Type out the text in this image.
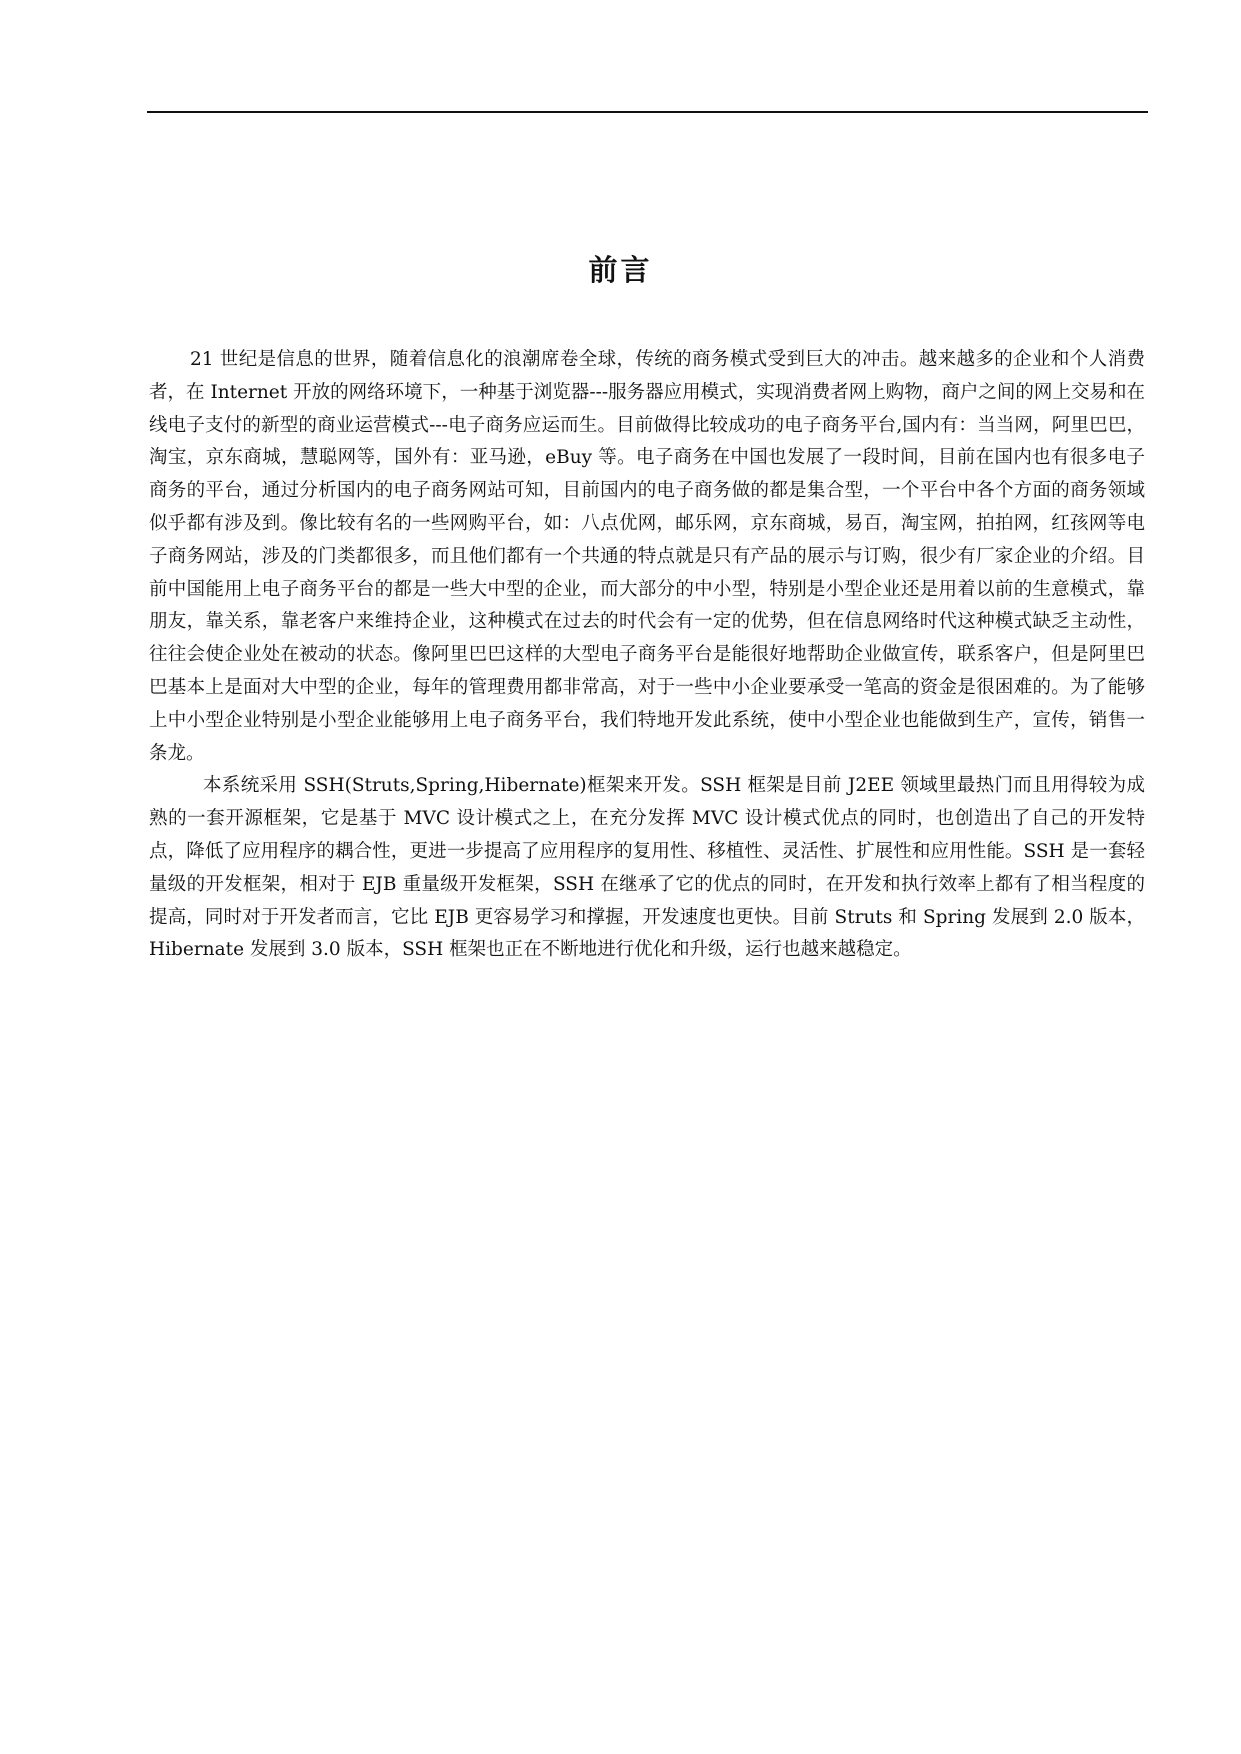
前言

21 世纪是信息的世界，随着信息化的浪潮席卷全球，传统的商务模式受到巨大的冲击。越来越多的企业和个人消费者，在 Internet 开放的网络环境下，一种基于浏览器---服务器应用模式，实现消费者网上购物，商户之间的网上交易和在线电子支付的新型的商业运营模式---电子商务应运而生。目前做得比较成功的电子商务平台,国内有：当当网，阿里巴巴，淘宝，京东商城，慧聪网等，国外有：亚马逊，eBuy 等。电子商务在中国也发展了一段时间，目前在国内也有很多电子商务的平台，通过分析国内的电子商务网站可知，目前国内的电子商务做的都是集合型，一个平台中各个方面的商务领域似乎都有涉及到。像比较有名的一些网购平台，如：八点优网，邮乐网，京东商城，易百，淘宝网，拍拍网，红孩网等电子商务网站，涉及的门类都很多，而且他们都有一个共通的特点就是只有产品的展示与订购，很少有厂家企业的介绍。目前中国能用上电子商务平台的都是一些大中型的企业，而大部分的中小型，特别是小型企业还是用着以前的生意模式，靠朋友，靠关系，靠老客户来维持企业，这种模式在过去的时代会有一定的优势，但在信息网络时代这种模式缺乏主动性，往往会使企业处在被动的状态。像阿里巴巴这样的大型电子商务平台是能很好地帮助企业做宣传，联系客户，但是阿里巴巴基本上是面对大中型的企业，每年的管理费用都非常高，对于一些中小企业要承受一笔高的资金是很困难的。为了能够上中小型企业特别是小型企业能够用上电子商务平台，我们特地开发此系统，使中小型企业也能做到生产，宣传，销售一条龙。

本系统采用 SSH(Struts,Spring,Hibernate)框架来开发。SSH 框架是目前 J2EE 领域里最热门而且用得较为成熟的一套开源框架，它是基于 MVC 设计模式之上，在充分发挥 MVC 设计模式优点的同时，也创造出了自己的开发特点，降低了应用程序的耦合性，更进一步提高了应用程序的复用性、移植性、灵活性、扩展性和应用性能。SSH 是一套轻量级的开发框架，相对于 EJB 重量级开发框架，SSH 在继承了它的优点的同时，在开发和执行效率上都有了相当程度的提高，同时对于开发者而言，它比 EJB 更容易学习和撑握，开发速度也更快。目前 Struts 和 Spring 发展到 2.0 版本，Hibernate 发展到 3.0 版本，SSH 框架也正在不断地进行优化和升级，运行也越来越稳定。
